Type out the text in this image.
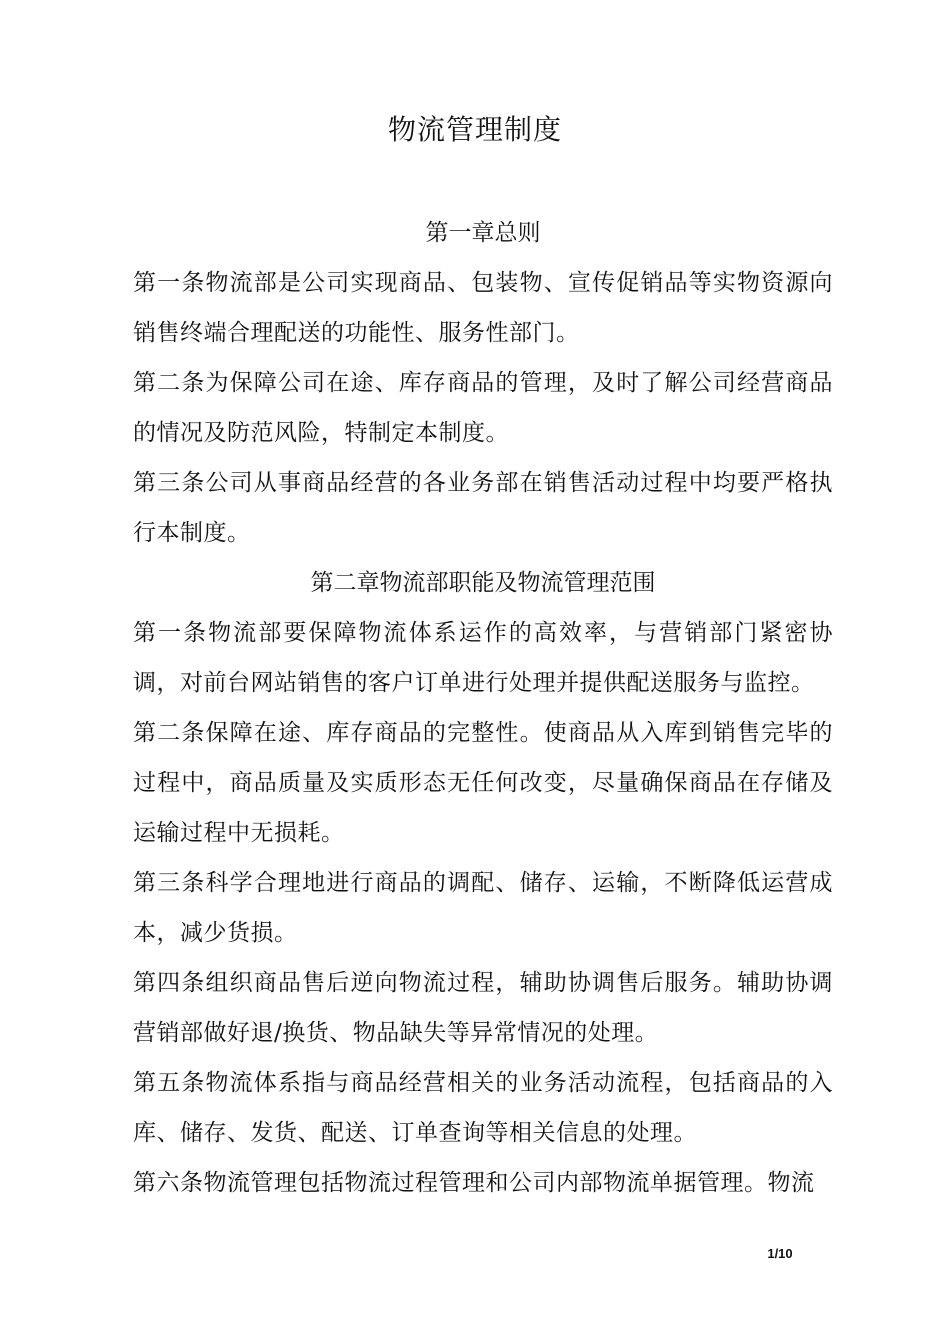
物流管理制度
第一章总则

第一条物流部是公司实现商品、包装物、宣传促销品等实物资源向销售终端合理配送的功能性、服务性部门。

第二条为保障公司在途、库存商品的管理，及时了解公司经营商品的情况及防范风险，特制定本制度。

第三条公司从事商品经营的各业务部在销售活动过程中均要严格执行本制度。

第二章物流部职能及物流管理范围

第一条物流部要保障物流体系运作的高效率，与营销部门紧密协调，对前台网站销售的客户订单进行处理并提供配送服务与监控。

第二条保障在途、库存商品的完整性。使商品从入库到销售完毕的过程中，商品质量及实质形态无任何改变，尽量确保商品在存储及运输过程中无损耗。

第三条科学合理地进行商品的调配、储存、运输，不断降低运营成本，减少货损。

第四条组织商品售后逆向物流过程，辅助协调售后服务。辅助协调营销部做好退/换货、物品缺失等异常情况的处理。

第五条物流体系指与商品经营相关的业务活动流程，包括商品的入库、储存、发货、配送、订单查询等相关信息的处理。

第六条物流管理包括物流过程管理和公司内部物流单据管理。物流

1/10
